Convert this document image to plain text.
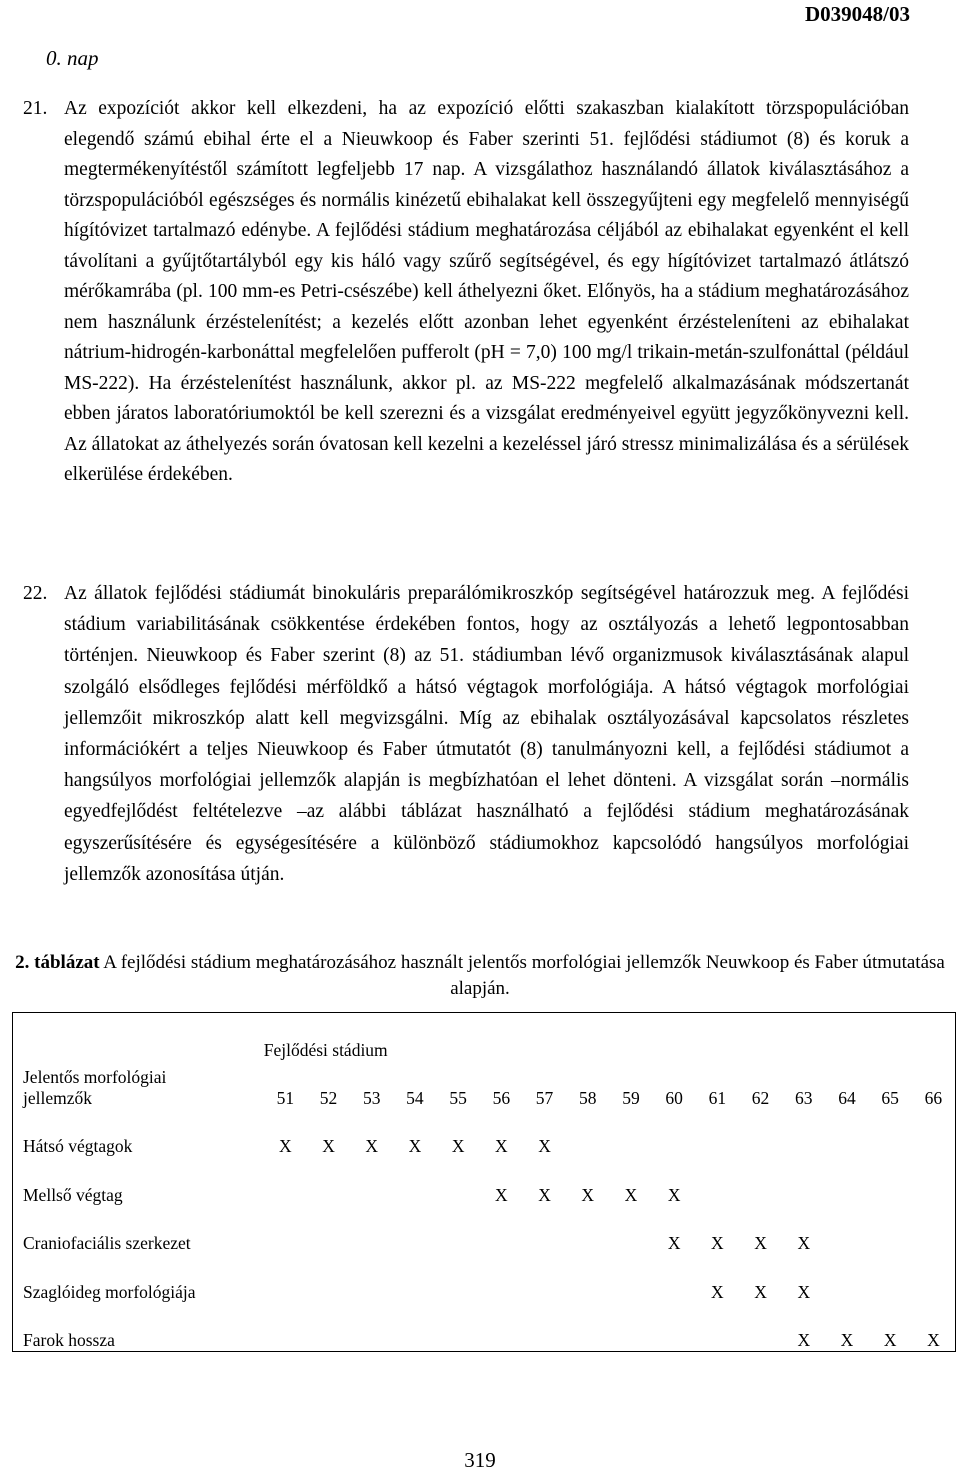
D039048/03
0. nap

21. Az expozíciót akkor kell elkezdeni, ha az expozíció előtti szakaszban kialakított törzspopulációban elegendő számú ebihal érte el a Nieuwkoop és Faber szerinti 51. fejlődési stádiumot (8) és koruk a megtermékenyítéstől számított legfeljebb 17 nap. A vizsgálathoz használandó állatok kiválasztásához a törzspopulációból egészséges és normális kinézetű ebihalakat kell összegyűjteni egy megfelelő mennyiségű hígítóvizet tartalmazó edénybe. A fejlődési stádium meghatározása céljából az ebihalakat egyenként el kell távolítani a gyűjtőtartályból egy kis háló vagy szűrő segítségével, és egy hígítóvizet tartalmazó átlátszó mérőkamrába (pl. 100 mm-es Petri-csészébe) kell áthelyezni őket. Előnyös, ha a stádium meghatározásához nem használunk érzéstelenítést; a kezelés előtt azonban lehet egyenként érzésteleníteni az ebihalakat nátrium-hidrogén-karbonáttal megfelelően pufferolt (pH = 7,0) 100 mg/l trikain-metán-szulfonáttal (például MS-222). Ha érzéstelenítést használunk, akkor pl. az MS-222 megfelelő alkalmazásának módszertanát ebben járatos laboratóriumoktól be kell szerezni és a vizsgálat eredményeivel együtt jegyzőkönyvezni kell. Az állatokat az áthelyezés során óvatosan kell kezelni a kezeléssel járó stressz minimalizálása és a sérülések elkerülése érdekében.

22. Az állatok fejlődési stádiumát binokuláris preparálómikroszkóp segítségével határozzuk meg. A fejlődési stádium variabilitásának csökkentése érdekében fontos, hogy az osztályozás a lehető legpontosabban történjen. Nieuwkoop és Faber szerint (8) az 51. stádiumban lévő organizmusok kiválasztásának alapul szolgáló elsődleges fejlődési mérföldkő a hátsó végtagok morfológiája. A hátsó végtagok morfológiai jellemzőit mikroszkóp alatt kell megvizsgálni. Míg az ebihalak osztályozásával kapcsolatos részletes információkért a teljes Nieuwkoop és Faber útmutatót (8) tanulmányozni kell, a fejlődési stádiumot a hangsúlyos morfológiai jellemzők alapján is megbízhatóan el lehet dönteni. A vizsgálat során –normális egyedfejlődést feltételezve –az alábbi táblázat használható a fejlődési stádium meghatározásának egyszerűsítésére és egységesítésére a különböző stádiumokhoz kapcsolódó hangsúlyos morfológiai jellemzők azonosítása útján.

2. táblázat A fejlődési stádium meghatározásához használt jelentős morfológiai jellemzők Neuwkoop és Faber útmutatása alapján.

	Fejlődési stádium															
Jelentős morfológiai
jellemzők	51	52	53	54	55	56	57	58	59	60	61	62	63	64	65	66
Hátsó végtagok	X	X	X	X	X	X	X									
Mellső végtag						X	X	X	X	X						
Craniofaciális szerkezet										X	X	X	X			
Szaglóideg morfológiája											X	X	X			
Farok hossza													X	X	X	X
319
